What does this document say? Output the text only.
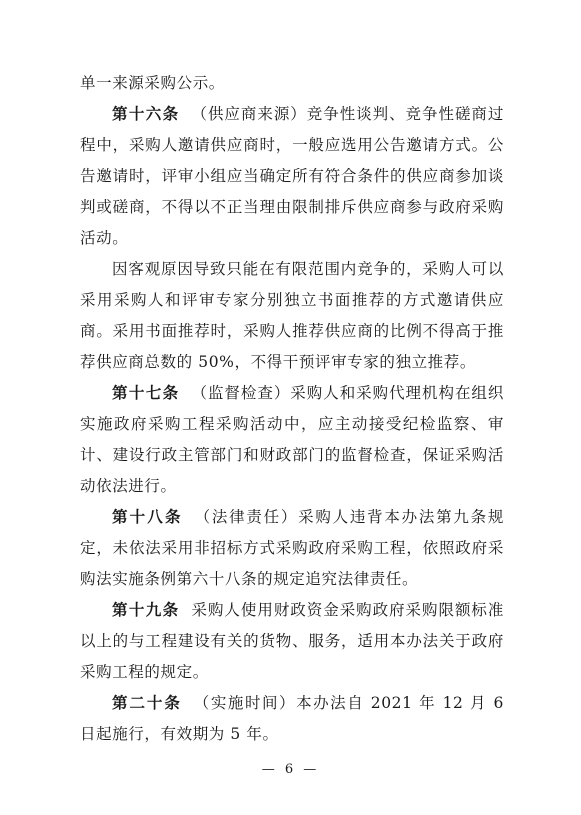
单一来源采购公示。

第十六条 （供应商来源）竞争性谈判、竞争性磋商过程中，采购人邀请供应商时，一般应选用公告邀请方式。公告邀请时，评审小组应当确定所有符合条件的供应商参加谈判或磋商，不得以不正当理由限制排斥供应商参与政府采购活动。

因客观原因导致只能在有限范围内竞争的，采购人可以采用采购人和评审专家分别独立书面推荐的方式邀请供应商。采用书面推荐时，采购人推荐供应商的比例不得高于推荐供应商总数的 50%，不得干预评审专家的独立推荐。

第十七条 （监督检查）采购人和采购代理机构在组织实施政府采购工程采购活动中，应主动接受纪检监察、审计、建设行政主管部门和财政部门的监督检查，保证采购活动依法进行。

第十八条 （法律责任）采购人违背本办法第九条规定，未依法采用非招标方式采购政府采购工程，依照政府采购法实施条例第六十八条的规定追究法律责任。

第十九条 采购人使用财政资金采购政府采购限额标准以上的与工程建设有关的货物、服务，适用本办法关于政府采购工程的规定。

第二十条 （实施时间）本办法自 2021 年 12 月 6 日起施行，有效期为 5 年。

— 6 —
